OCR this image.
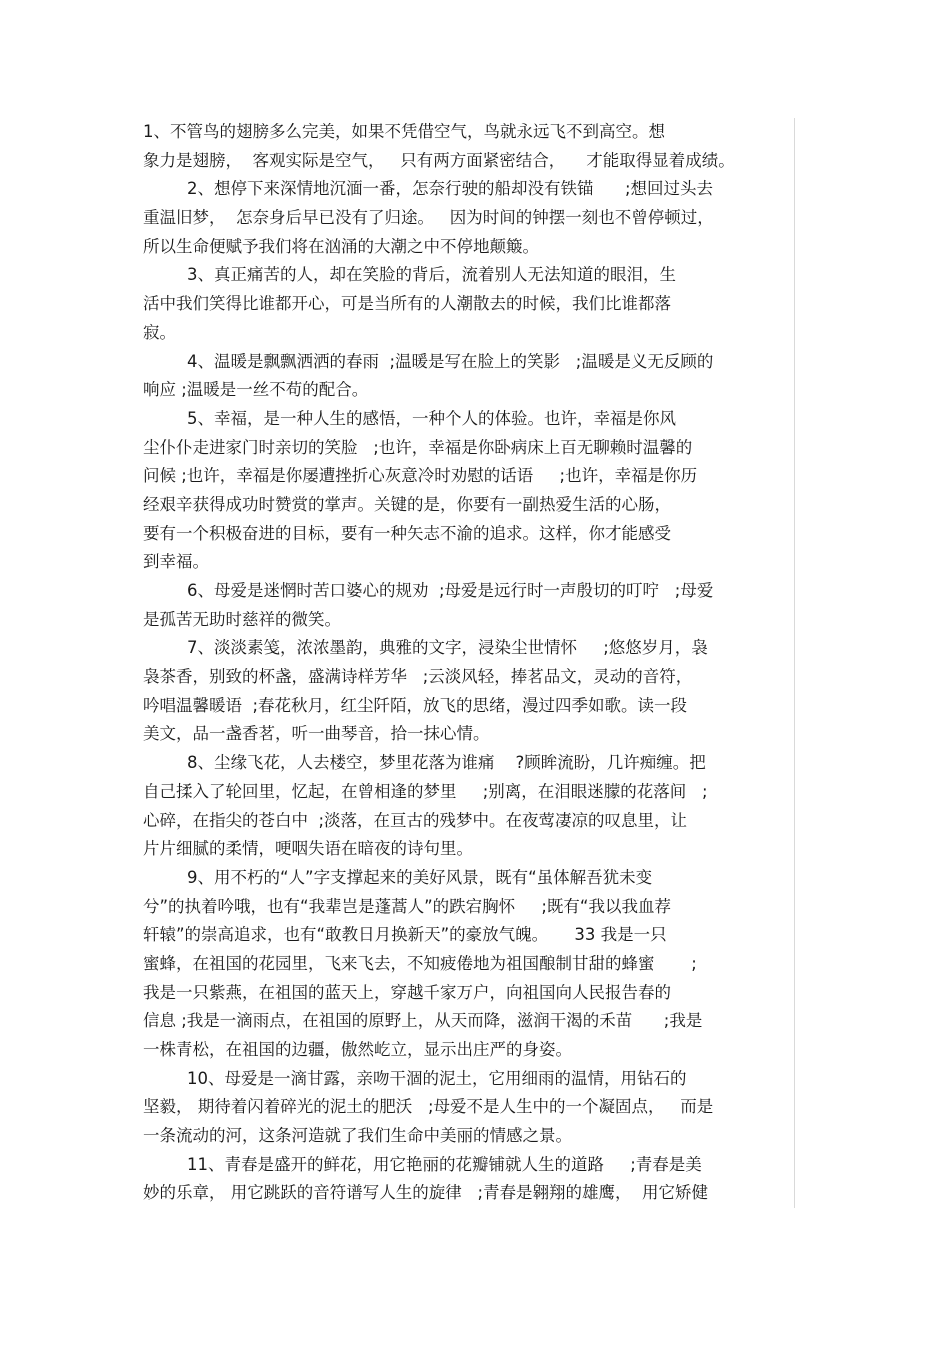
1、不管鸟的翅膀多么完美，如果不凭借空气，鸟就永远飞不到高空。想
象力是翅膀，  客观实际是空气，   只有两方面紧密结合，    才能取得显着成绩。
2、想停下来深情地沉湎一番，怎奈行驶的船却没有铁锚      ;想回过头去
重温旧梦，  怎奈身后早已没有了归途。   因为时间的钟摆一刻也不曾停顿过，
所以生命便赋予我们将在汹涌的大潮之中不停地颠簸。
3、真正痛苦的人，却在笑脸的背后，流着别人无法知道的眼泪，生
活中我们笑得比谁都开心，可是当所有的人潮散去的时候，我们比谁都落
寂。
4、温暖是飘飘洒洒的春雨  ;温暖是写在脸上的笑影   ;温暖是义无反顾的
响应 ;温暖是一丝不苟的配合。
5、幸福，是一种人生的感悟，一种个人的体验。也许，幸福是你风
尘仆仆走进家门时亲切的笑脸   ;也许，幸福是你卧病床上百无聊赖时温馨的
问候 ;也许，幸福是你屡遭挫折心灰意冷时劝慰的话语     ;也许，幸福是你历
经艰辛获得成功时赞赏的掌声。关键的是，你要有一副热爱生活的心肠，
要有一个积极奋进的目标，要有一种矢志不渝的追求。这样，你才能感受
到幸福。
6、母爱是迷惘时苦口婆心的规劝  ;母爱是远行时一声殷切的叮咛   ;母爱
是孤苦无助时慈祥的微笑。
7、淡淡素笺，浓浓墨韵，典雅的文字，浸染尘世情怀     ;悠悠岁月，袅
袅茶香，别致的杯盏，盛满诗样芳华   ;云淡风轻，捧茗品文，灵动的音符，
吟唱温馨暖语  ;春花秋月，红尘阡陌，放飞的思绪，漫过四季如歌。读一段
美文，品一盏香茗，听一曲琴音，拾一抹心情。
8、尘缘飞花，人去楼空，梦里花落为谁痛    ?顾眸流盼，几许痴缠。把
自己揉入了轮回里，忆起，在曾相逢的梦里     ;别离，在泪眼迷朦的花落间   ;
心碎，在指尖的苍白中  ;淡落，在亘古的残梦中。在夜莺凄凉的叹息里，让
片片细腻的柔情，哽咽失语在暗夜的诗句里。
9、用不朽的“人”字支撑起来的美好风景，既有“虽体解吾犹未变
兮”的执着吟哦，也有“我辈岂是蓬蒿人”的跌宕胸怀     ;既有“我以我血荐
轩辕”的崇高追求，也有“敢教日月换新天”的豪放气魄。     33 我是一只
蜜蜂，在祖国的花园里，飞来飞去，不知疲倦地为祖国酿制甘甜的蜂蜜       ;
我是一只紫燕，在祖国的蓝天上，穿越千家万户，向祖国向人民报告春的
信息 ;我是一滴雨点，在祖国的原野上，从天而降，滋润干渴的禾苗      ;我是
一株青松，在祖国的边疆，傲然屹立，显示出庄严的身姿。
10、母爱是一滴甘露，亲吻干涸的泥土，它用细雨的温情，用钻石的
坚毅， 期待着闪着碎光的泥土的肥沃   ;母爱不是人生中的一个凝固点，   而是
一条流动的河，这条河造就了我们生命中美丽的情感之景。
11、青春是盛开的鲜花，用它艳丽的花瓣铺就人生的道路     ;青春是美
妙的乐章， 用它跳跃的音符谱写人生的旋律   ;青春是翱翔的雄鹰，  用它矫健
